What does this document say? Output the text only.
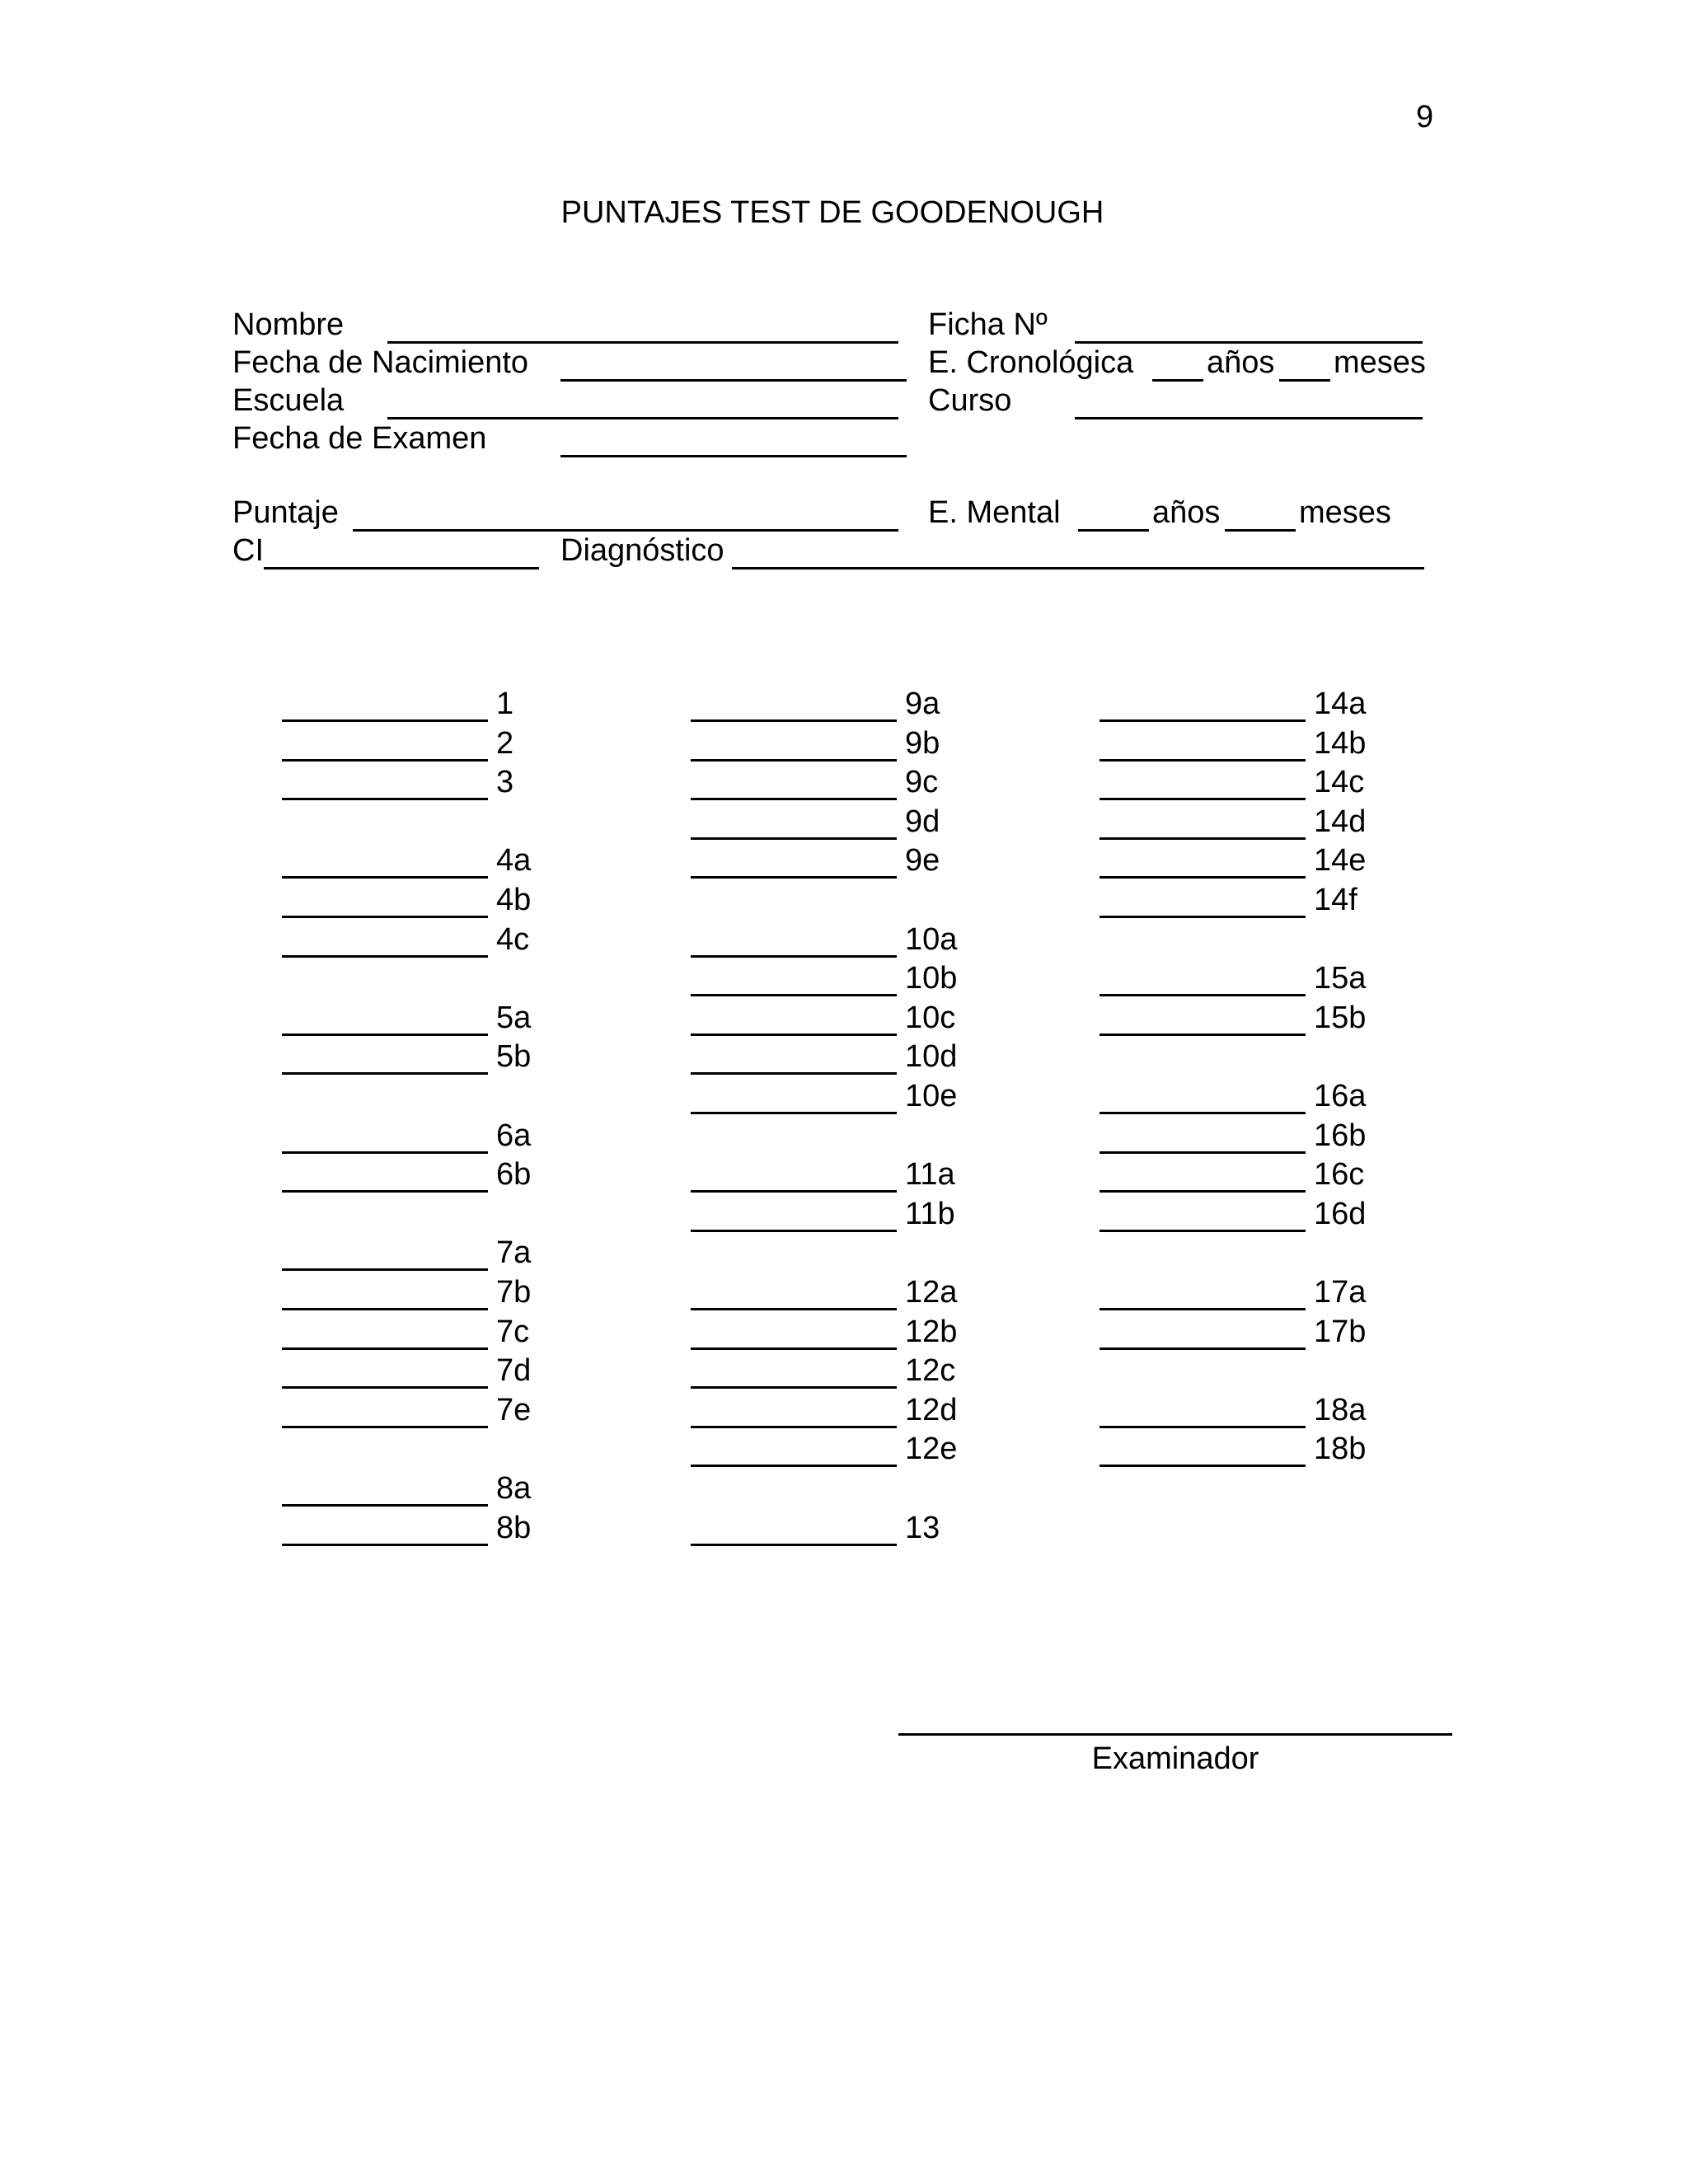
9
PUNTAJES TEST DE GOODENOUGH
Nombre	Ficha Nº
Fecha de Nacimiento	E. Cronológica años meses
Escuela	Curso
Fecha de Examen
Puntaje	E. Mental	años	meses
CI	Diagnóstico
1
2
3
4a
4b
4c
5a
5b
6a
6b
7a
7b
7c
7d
7e
8a
8b
9a
9b
9c
9d
9e
10a
10b
10c
10d
10e
11a
11b
12a
12b
12c
12d
12e
13
14a
14b
14c
14d
14e
14f
15a
15b
16a
16b
16c
16d
17a
17b
18a
18b
Examinador
